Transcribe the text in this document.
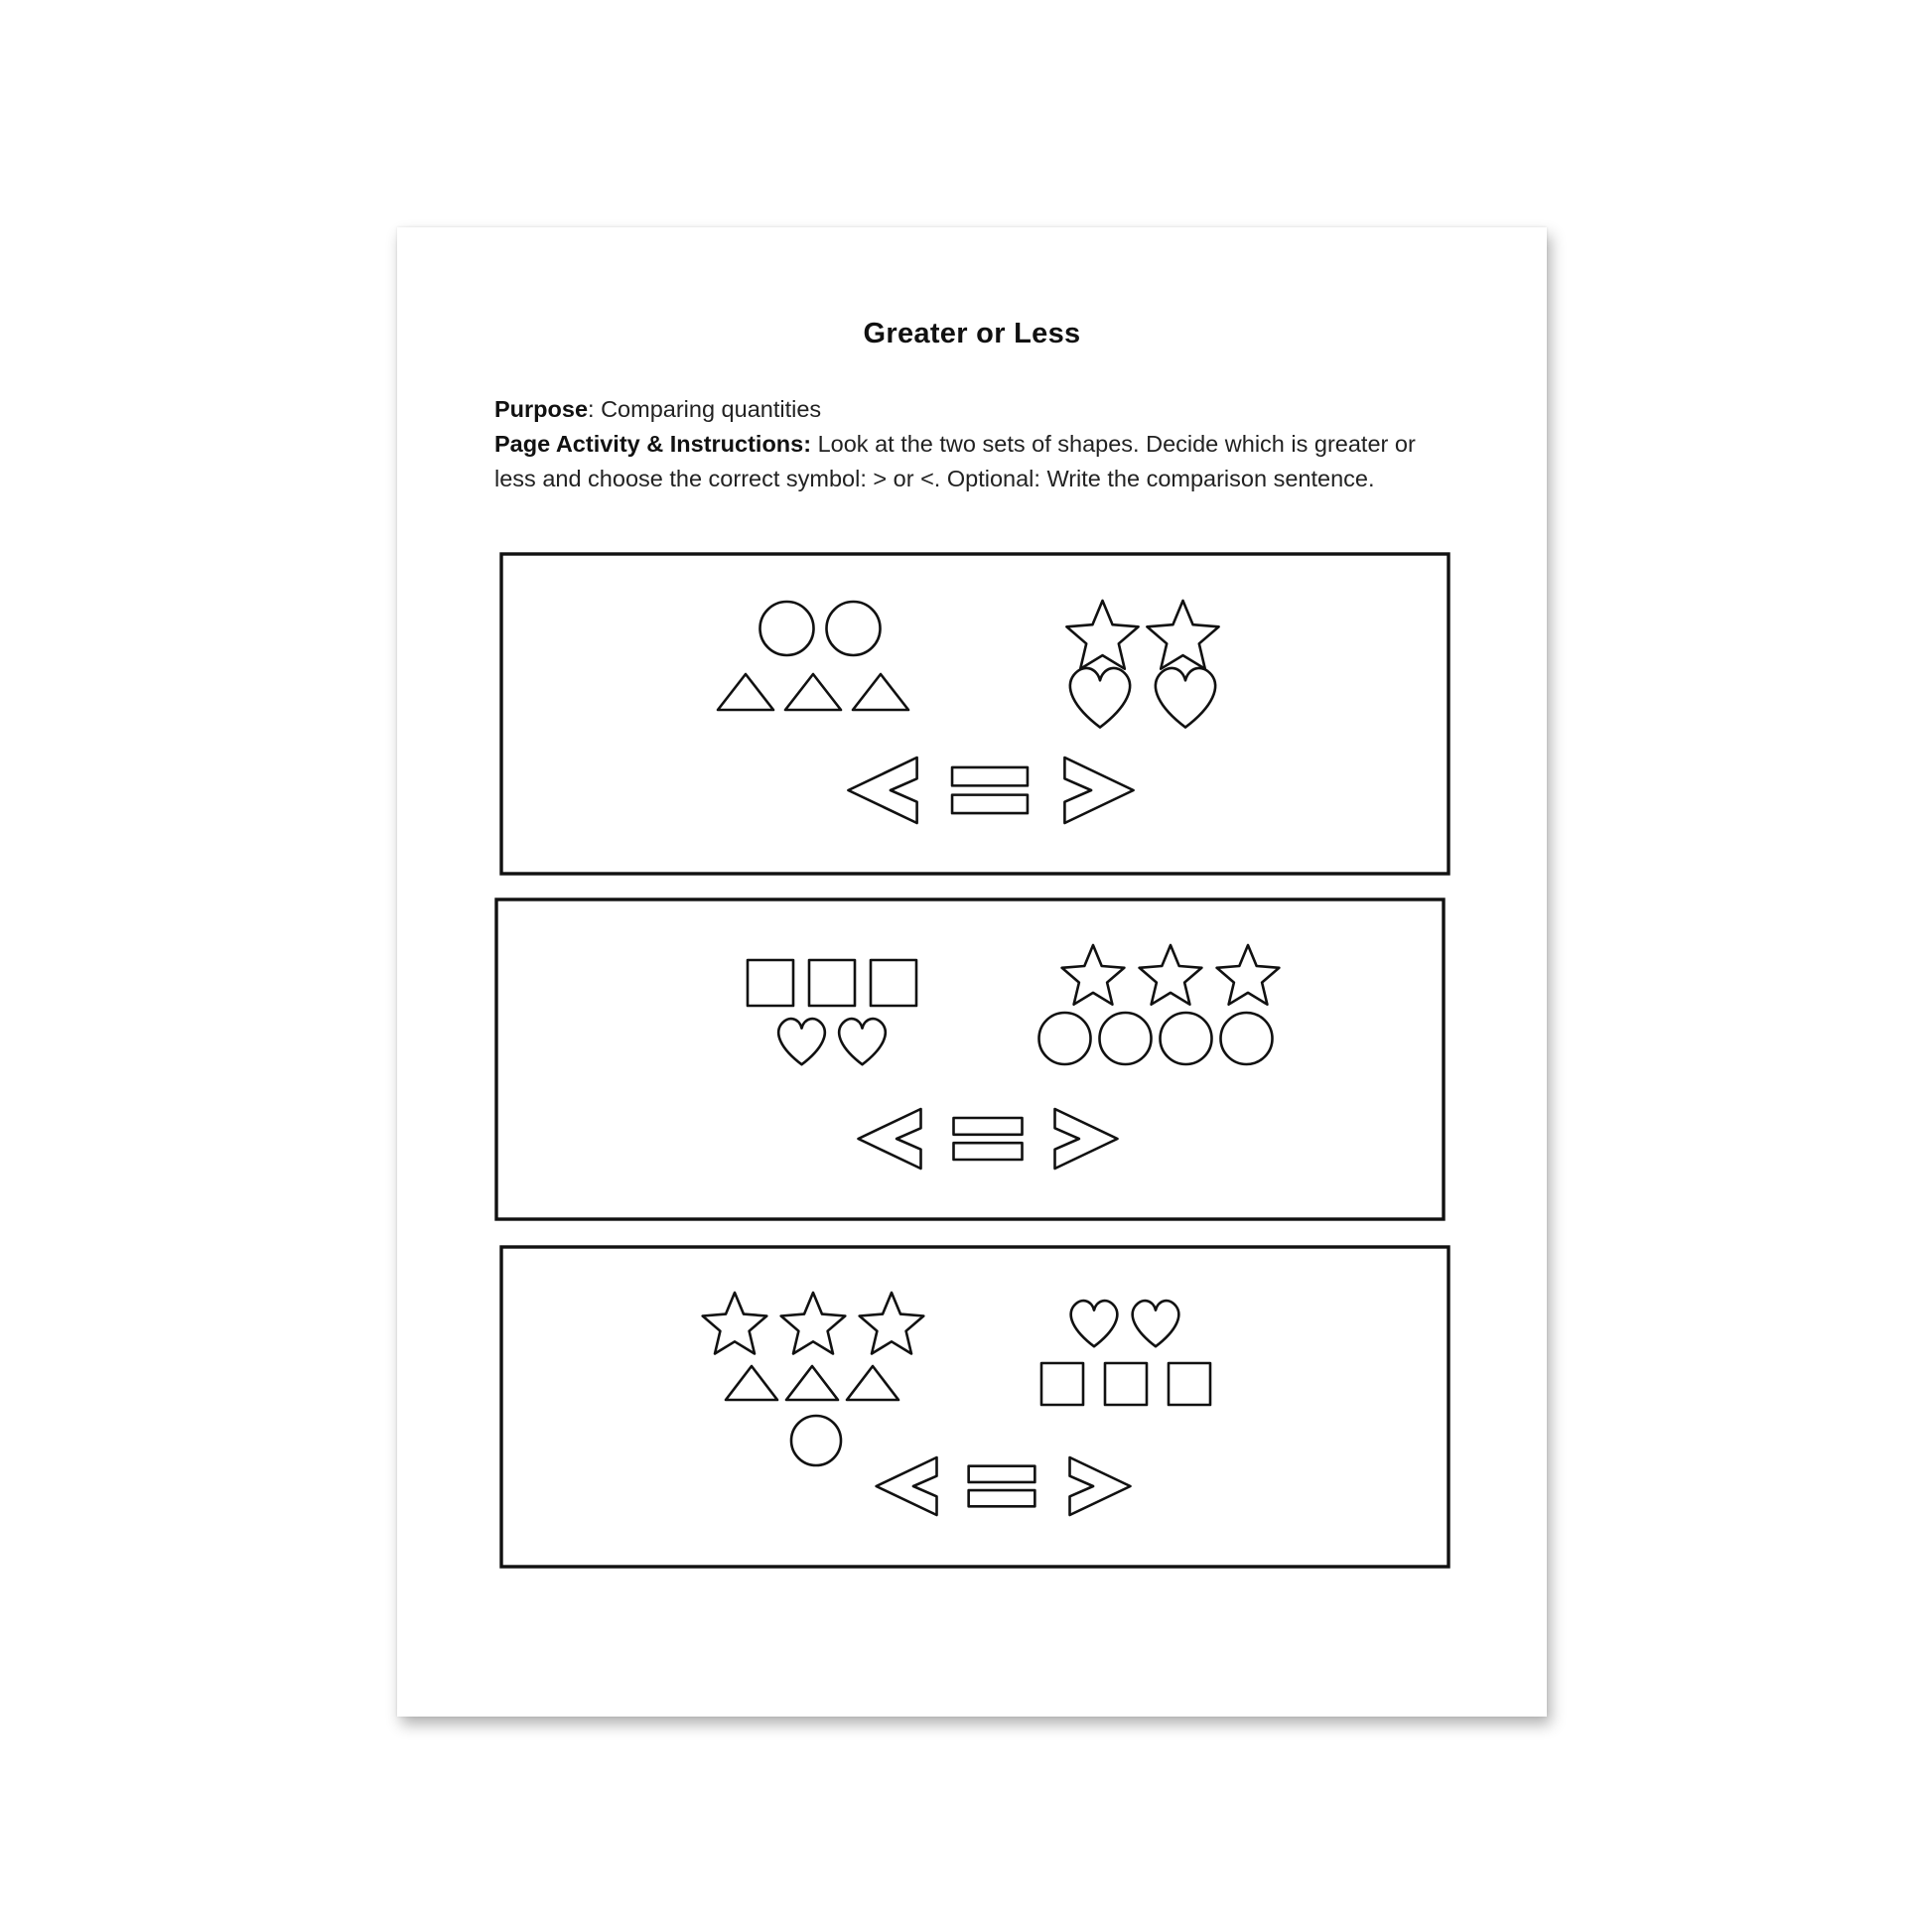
Greater or Less
Purpose: Comparing quantities
Page Activity & Instructions: Look at the two sets of shapes. Decide which is greater or less and choose the correct symbol: > or <. Optional: Write the comparison sentence.
